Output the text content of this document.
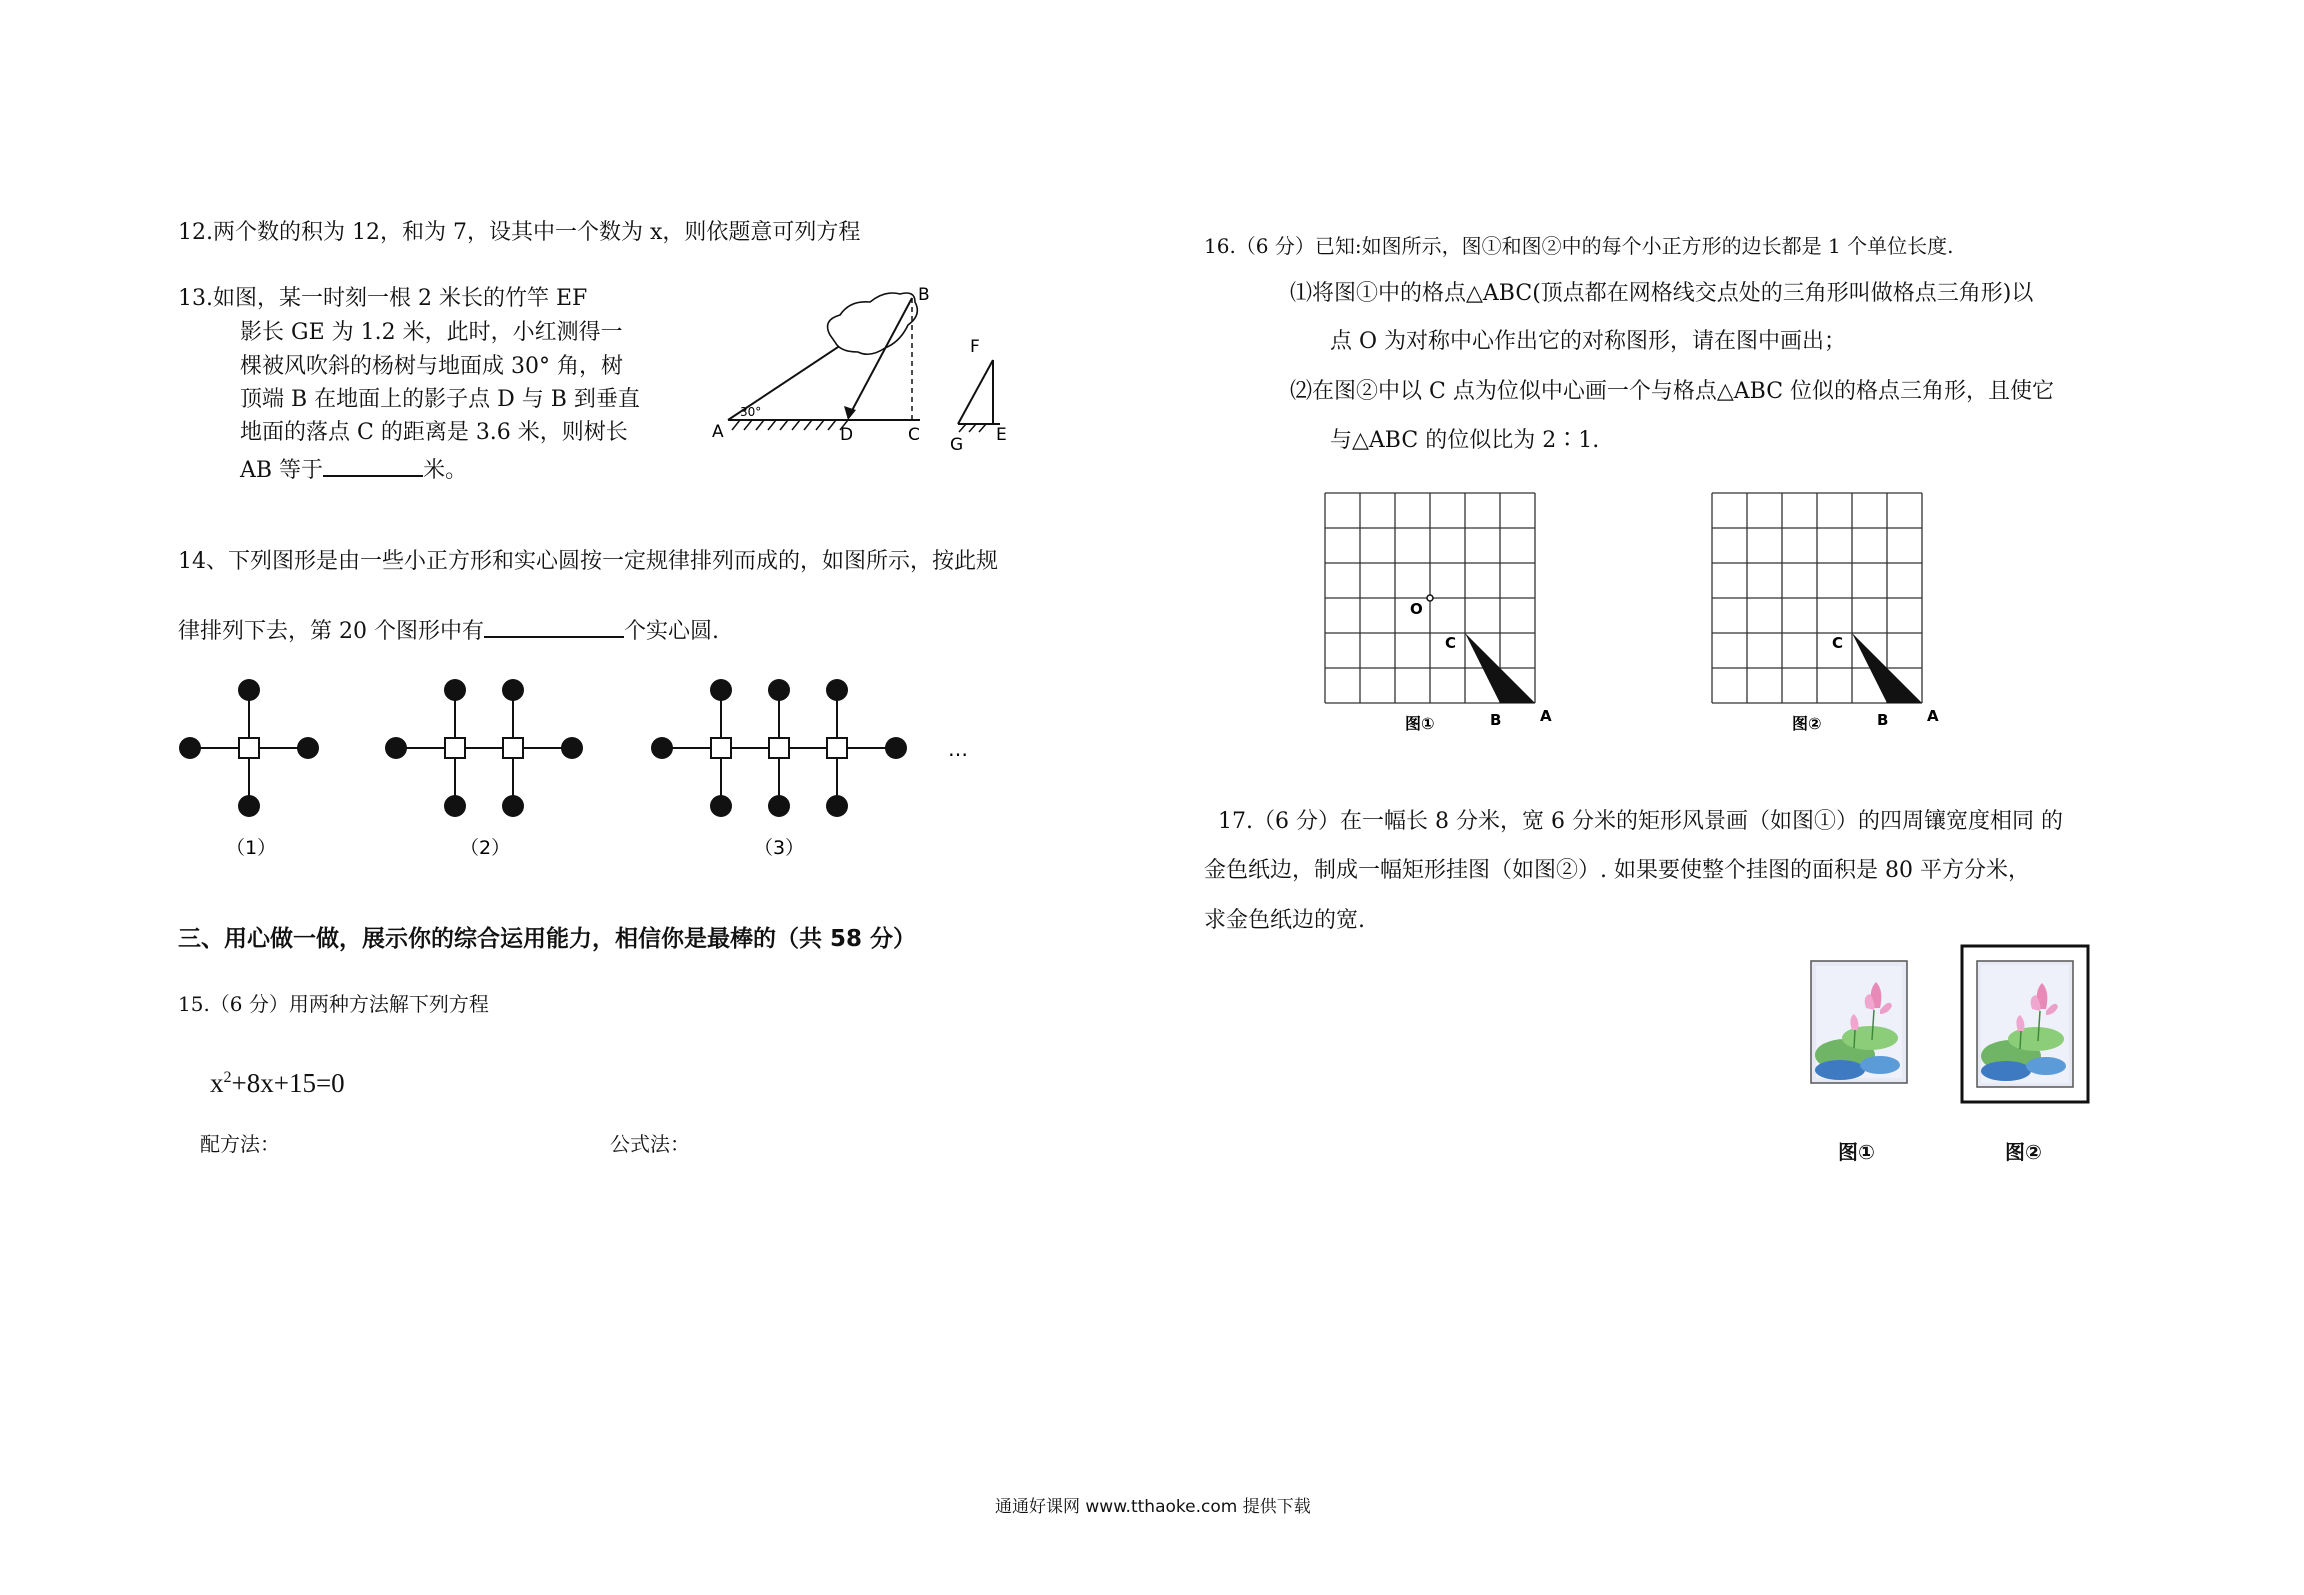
12.两个数的积为 12，和为 7，设其中一个数为 x，则依题意可列方程
13.如图，某一时刻一根 2 米长的竹竿 EF
影长 GE 为 1.2 米，此时，小红测得一
棵被风吹斜的杨树与地面成 30° 角，树
顶端 B 在地面上的影子点 D 与 B 到垂直
地面的落点 C 的距离是 3.6 米，则树长
AB 等于	米。
A
B
C
D
30°
F
G E
14、下列图形是由一些小正方形和实心圆按一定规律排列而成的，如图所示，按此规
律排列下去，第 20 个图形中有	个实心圆.
…
（1）	（2）	（3）
三、用心做一做，展示你的综合运用能力，相信你是最棒的（共 58 分）
15.（6 分）用两种方法解下列方程
$x^2+8x+15=0$
配方法：	公式法：
16.（6 分）已知:如图所示，图①和图②中的每个小正方形的边长都是 1 个单位长度.
⑴将图①中的格点△ABC(顶点都在网格线交点处的三角形叫做格点三角形)以
点 O 为对称中心作出它的对称图形，请在图中画出；
⑵在图②中以 C 点为位似中心画一个与格点△ABC 位似的格点三角形，且使它
与△ABC 的位似比为 2∶1.
O
C
B	A
图①
C
B	A
图②
17.（6 分）在一幅长 8 分米，宽 6 分米的矩形风景画（如图①）的四周镶宽度相同 的
金色纸边，制成一幅矩形挂图（如图②）. 如果要使整个挂图的面积是 80 平方分米，
求金色纸边的宽.
图①	图②
通通好课网 www.tthaoke.com 提供下载
